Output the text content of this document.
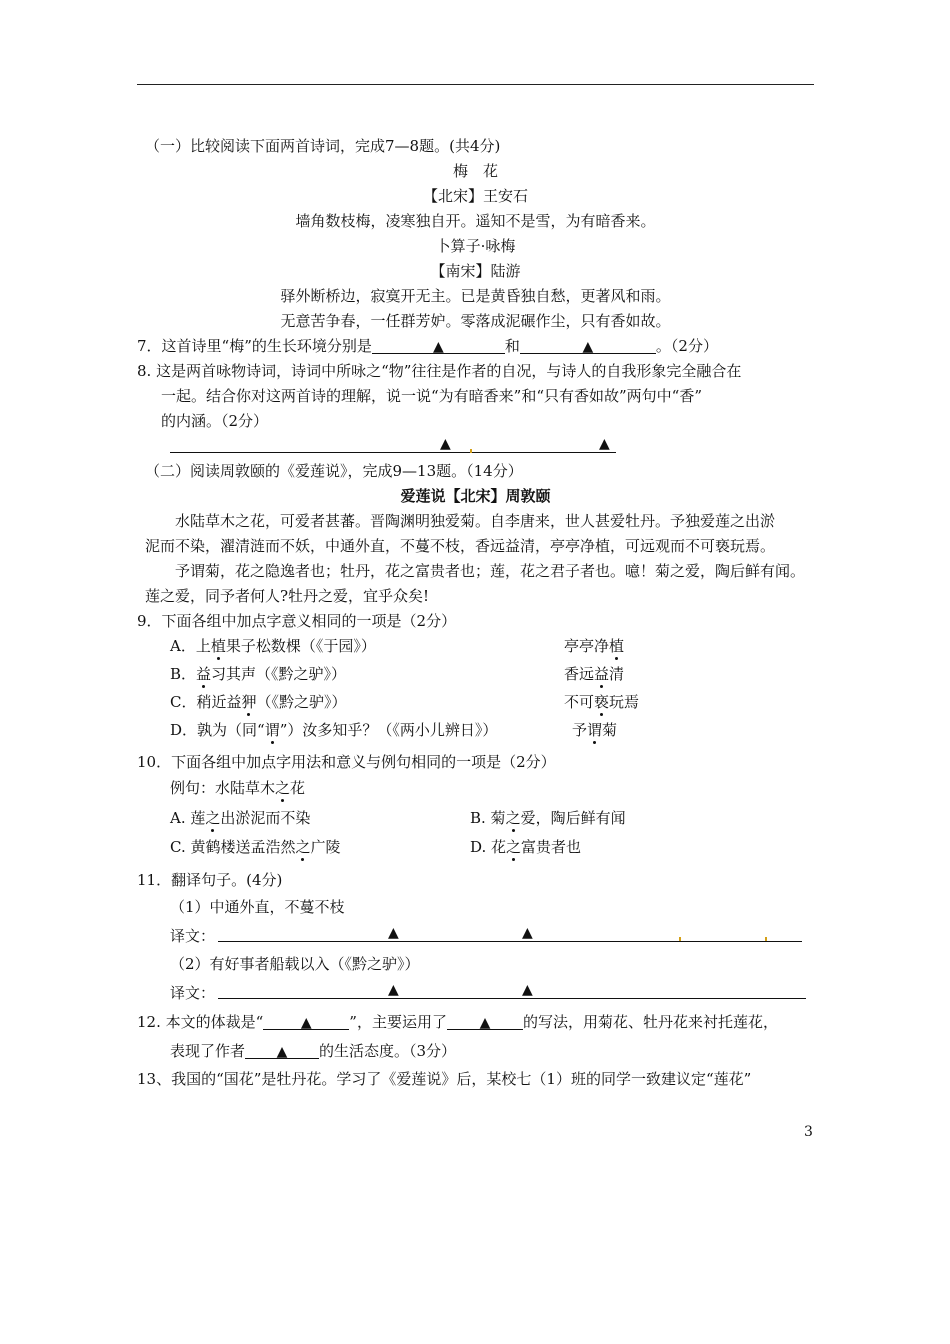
（一）比较阅读下面两首诗词，完成7—8题。(共4分)
梅　花
【北宋】王安石
墙角数枝梅，凌寒独自开。遥知不是雪，为有暗香来。
卜算子·咏梅
【南宋】陆游
驿外断桥边，寂寞开无主。已是黄昏独自愁，更著风和雨。
无意苦争春，一任群芳妒。零落成泥碾作尘，只有香如故。
7．这首诗里“梅”的生长环境分别是	▲	和	▲	。（2分）
8. 这是两首咏物诗词，诗词中所咏之“物”往往是作者的自况，与诗人的自我形象完全融合在
一起。结合你对这两首诗的理解，说一说“为有暗香来”和“只有香如故”两句中“香”
的内涵。（2分）
▲	▲
（二）阅读周敦颐的《爱莲说》，完成9—13题。（14分）
爱莲说【北宋】周敦颐
水陆草木之花，可爱者甚蕃。晋陶渊明独爱菊。自李唐来，世人甚爱牡丹。予独爱莲之出淤
泥而不染，濯清涟而不妖，中通外直，不蔓不枝，香远益清，亭亭净植，可远观而不可亵玩焉。
予谓菊，花之隐逸者也；牡丹，花之富贵者也；莲，花之君子者也。噫！菊之爱，陶后鲜有闻。
莲之爱，同予者何人?牡丹之爱，宜乎众矣!
9．下面各组中加点字意义相同的一项是（2分）
A．上植果子松数棵（《于园》）	亭亭净植
B．益习其声（《黔之驴》）	香远益清
C．稍近益狎（《黔之驴》）	不可亵玩焉
D．孰为（同“谓”）汝多知乎？（《两小儿辨日》）	予谓菊
10．下面各组中加点字用法和意义与例句相同的一项是（2分）
例句：水陆草木之花
A. 莲之出淤泥而不染	B. 菊之爱，陶后鲜有闻
C. 黄鹤楼送孟浩然之广陵	D. 花之富贵者也
11．翻译句子。(4分)
（1）中通外直，不蔓不枝
译文：	▲	▲
（2）有好事者船载以入（《黔之驴》）
译文：	▲	▲
12. 本文的体裁是“	▲	”，主要运用了 ▲ 的写法，用菊花、牡丹花来衬托莲花，
表现了作者 ▲ 的生活态度。（3分）
13、我国的“国花”是牡丹花。学习了《爱莲说》后，某校七（1）班的同学一致建议定“莲花”
3
